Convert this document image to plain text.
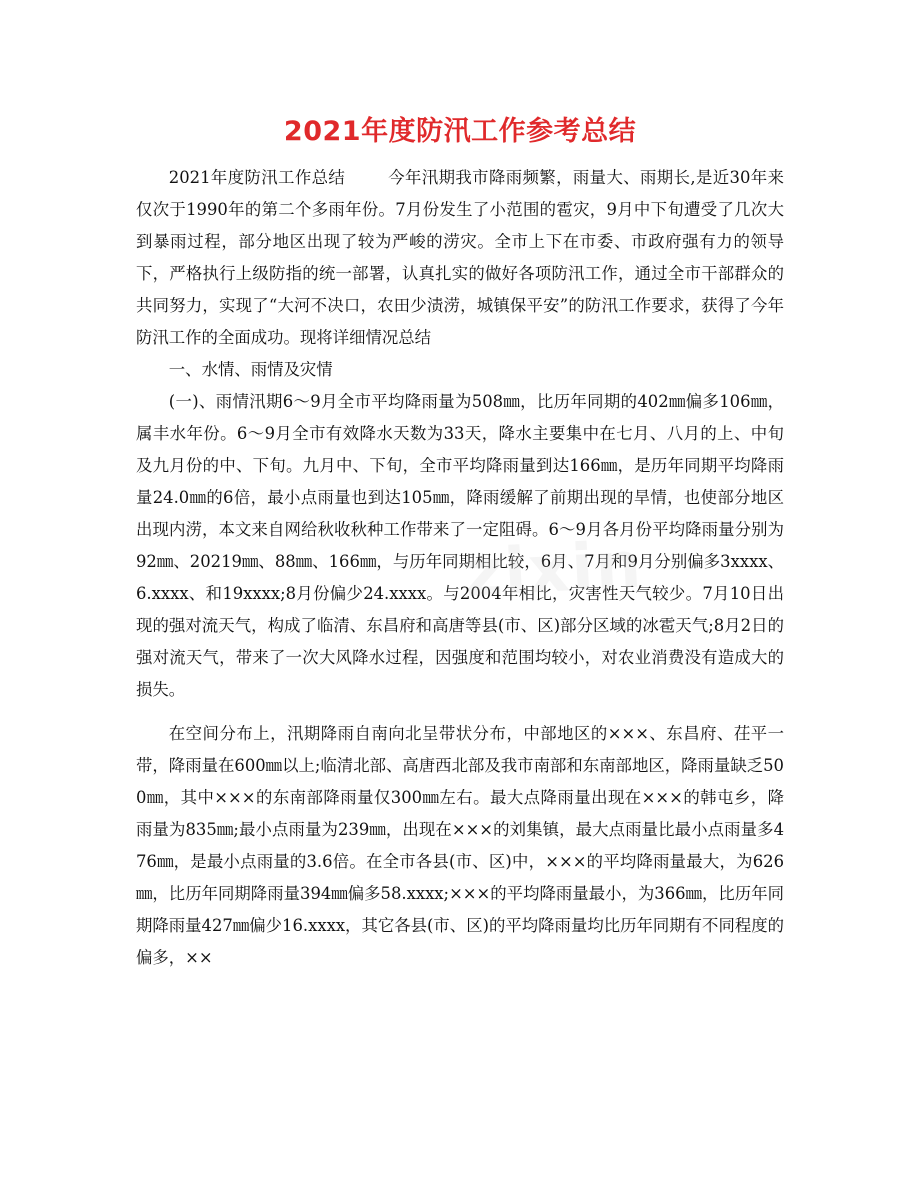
2021年度防汛工作参考总结

2021年度防汛工作总结	今年汛期我市降雨频繁，雨量大、雨期长,是近30年来仅次于1990年的第二个多雨年份。7月份发生了小范围的雹灾，9月中下旬遭受了几次大到暴雨过程，部分地区出现了较为严峻的涝灾。全市上下在市委、市政府强有力的领导下，严格执行上级防指的统一部署，认真扎实的做好各项防汛工作，通过全市干部群众的共同努力，实现了“大河不决口，农田少渍涝，城镇保平安”的防汛工作要求，获得了今年防汛工作的全面成功。现将详细情况总结

一、水情、雨情及灾情

(一)、雨情汛期6～9月全市平均降雨量为508㎜，比历年同期的402㎜偏多106㎜，属丰水年份。6～9月全市有效降水天数为33天，降水主要集中在七月、八月的上、中旬及九月份的中、下旬。九月中、下旬，全市平均降雨量到达166㎜，是历年同期平均降雨量24.0㎜的6倍，最小点雨量也到达105㎜，降雨缓解了前期出现的旱情，也使部分地区出现内涝，本文来自网给秋收秋种工作带来了一定阻碍。6～9月各月份平均降雨量分别为92㎜、20219㎜、88㎜、166㎜，与历年同期相比较，6月、7月和9月分别偏多3xxxx、6.xxxx、和19xxxx;8月份偏少24.xxxx。与2004年相比，灾害性天气较少。7月10日出现的强对流天气，构成了临清、东昌府和高唐等县(市、区)部分区域的冰雹天气;8月2日的强对流天气，带来了一次大风降水过程，因强度和范围均较小，对农业消费没有造成大的损失。

在空间分布上，汛期降雨自南向北呈带状分布，中部地区的×××、东昌府、茌平一带，降雨量在600㎜以上;临清北部、高唐西北部及我市南部和东南部地区，降雨量缺乏500㎜，其中×××的东南部降雨量仅300㎜左右。最大点降雨量出现在×××的韩屯乡，降雨量为835㎜;最小点雨量为239㎜，出现在×××的刘集镇，最大点雨量比最小点雨量多476㎜，是最小点雨量的3.6倍。在全市各县(市、区)中，×××的平均降雨量最大，为626㎜，比历年同期降雨量394㎜偏多58.xxxx;×××的平均降雨量最小，为366㎜，比历年同期降雨量427㎜偏少16.xxxx，其它各县(市、区)的平均降雨量均比历年同期有不同程度的偏多，××

zixin
